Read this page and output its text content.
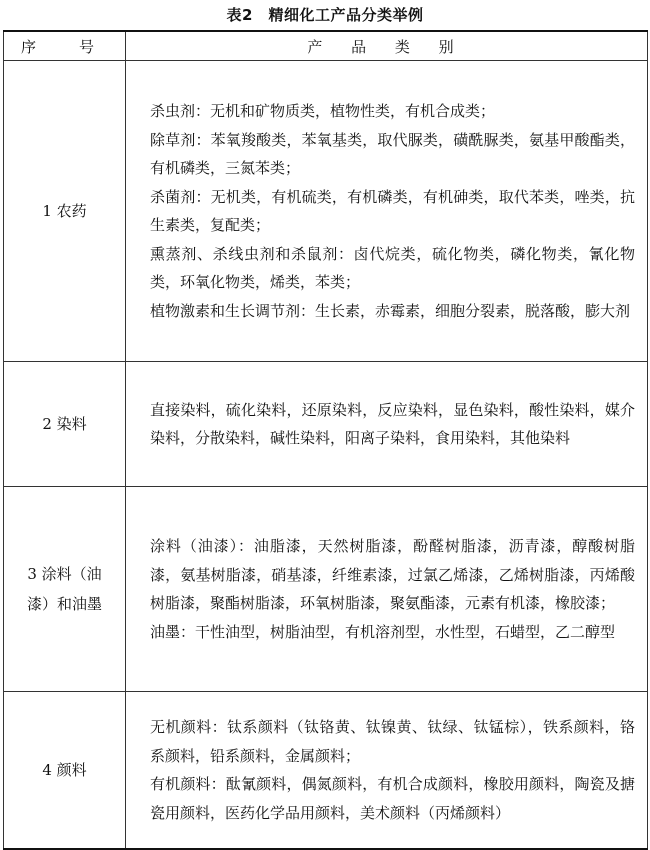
表2　精细化工产品分类举例
序　号	产 品 类 别
1 农药	杀虫剂：无机和矿物质类，植物性类，有机合成类；

除草剂：苯氧羧酸类，苯氧基类，取代脲类，磺酰脲类，氨基甲酸酯类，有机磷类，三氮苯类；

杀菌剂：无机类，有机硫类，有机磷类，有机砷类，取代苯类，唑类，抗生素类，复配类；

熏蒸剂、杀线虫剂和杀鼠剂：卤代烷类，硫化物类，磷化物类，氰化物类，环氧化物类，烯类，苯类；

植物激素和生长调节剂：生长素，赤霉素，细胞分裂素，脱落酸，膨大剂

2 染料	直接染料，硫化染料，还原染料，反应染料，显色染料，酸性染料，媒介染料，分散染料，碱性染料，阳离子染料，食用染料，其他染料

3 涂料（油漆）和油墨	涂料（油漆）：油脂漆，天然树脂漆，酚醛树脂漆，沥青漆，醇酸树脂漆，氨基树脂漆，硝基漆，纤维素漆，过氯乙烯漆，乙烯树脂漆，丙烯酸树脂漆，聚酯树脂漆，环氧树脂漆，聚氨酯漆，元素有机漆，橡胶漆；

油墨：干性油型，树脂油型，有机溶剂型，水性型，石蜡型，乙二醇型

4 颜料	无机颜料：钛系颜料（钛铬黄、钛镍黄、钛绿、钛锰棕），铁系颜料，铬系颜料，铅系颜料，金属颜料；

有机颜料：酞氰颜料，偶氮颜料，有机合成颜料，橡胶用颜料，陶瓷及搪瓷用颜料，医药化学品用颜料，美术颜料（丙烯颜料）
